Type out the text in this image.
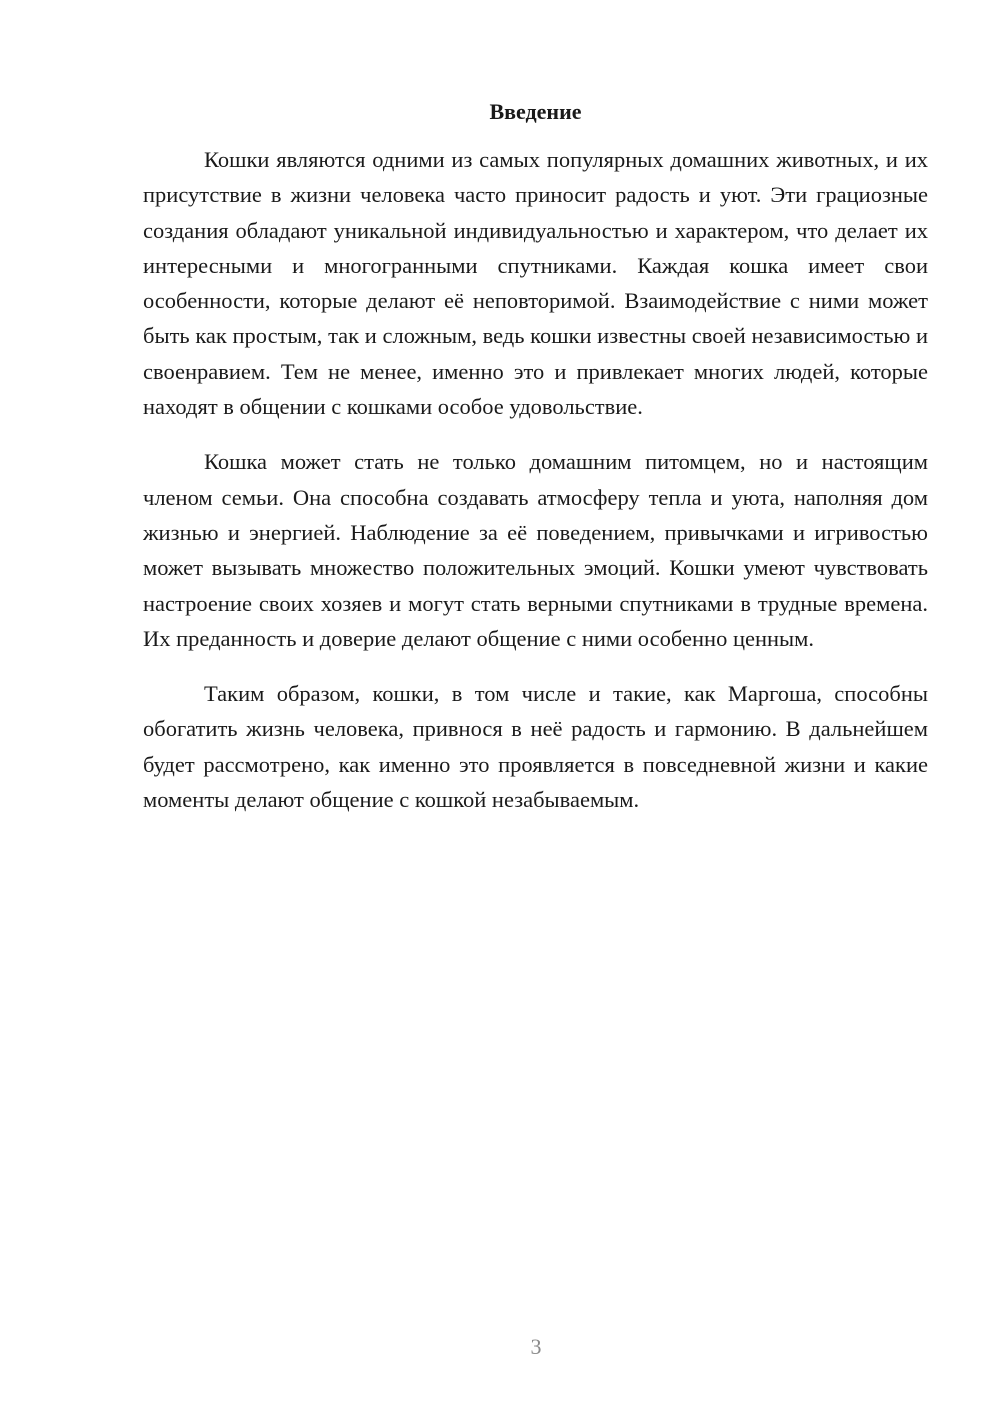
Введение

Кошки являются одними из самых популярных домашних животных, и их присутствие в жизни человека часто приносит радость и уют. Эти грациозные создания обладают уникальной индивидуальностью и характером, что делает их интересными и многогранными спутниками. Каждая кошка имеет свои особенности, которые делают её неповторимой. Взаимодействие с ними может быть как простым, так и сложным, ведь кошки известны своей независимостью и своенравием. Тем не менее, именно это и привлекает многих людей, которые находят в общении с кошками особое удовольствие.

Кошка может стать не только домашним питомцем, но и настоящим членом семьи. Она способна создавать атмосферу тепла и уюта, наполняя дом жизнью и энергией. Наблюдение за её поведением, привычками и игривостью может вызывать множество положительных эмоций. Кошки умеют чувствовать настроение своих хозяев и могут стать верными спутниками в трудные времена. Их преданность и доверие делают общение с ними особенно ценным.

Таким образом, кошки, в том числе и такие, как Маргоша, способны обогатить жизнь человека, привнося в неё радость и гармонию. В дальнейшем будет рассмотрено, как именно это проявляется в повседневной жизни и какие моменты делают общение с кошкой незабываемым.

3
